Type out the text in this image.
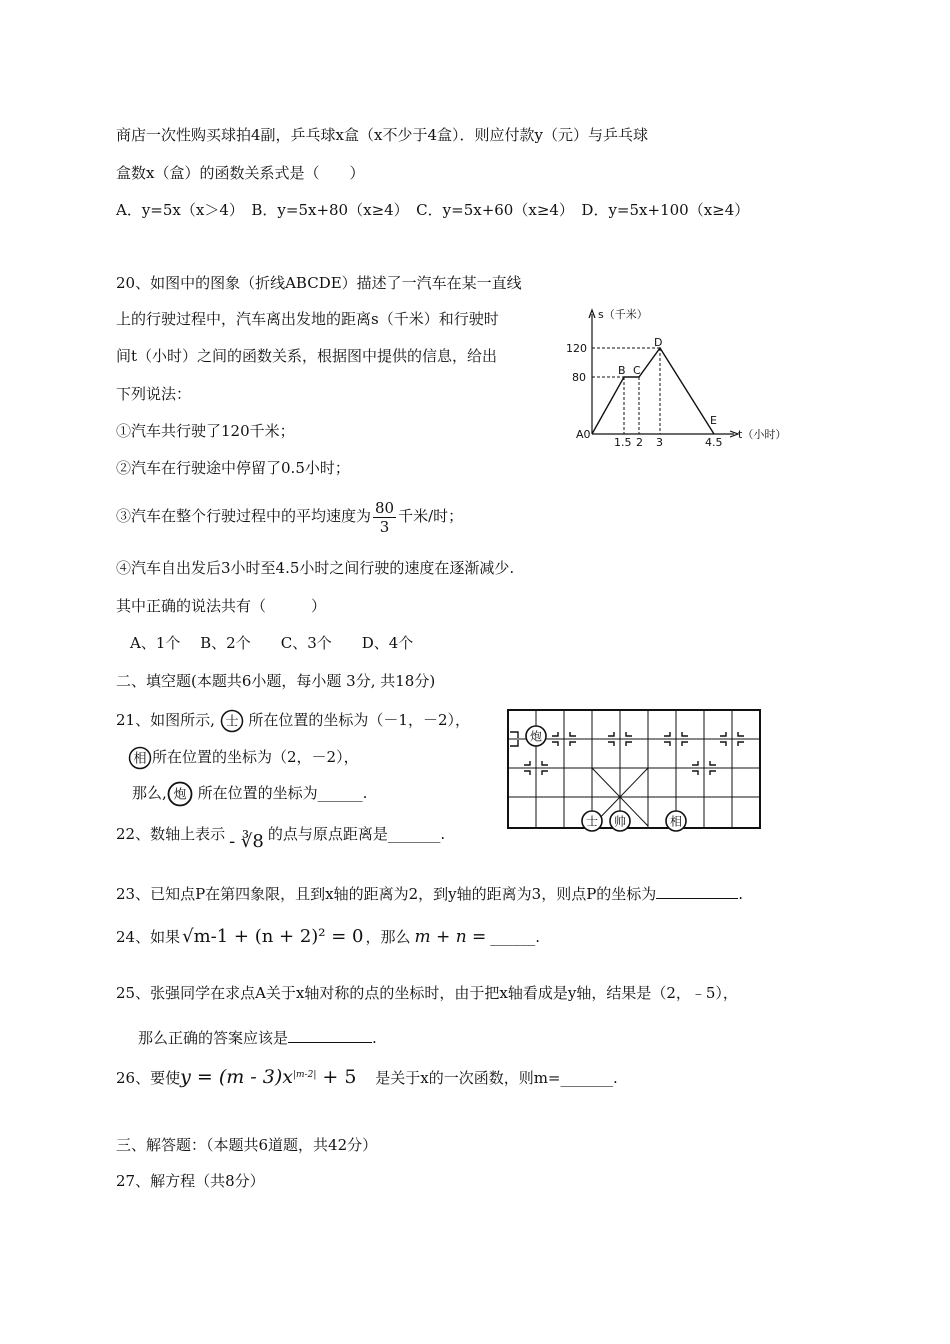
商店一次性购买球拍4副，乒乓球x盒（x不少于4盒）．则应付款y（元）与乒乓球
盒数x（盒）的函数关系式是（　　）
A．y=5x（x＞4）　B．y=5x+80（x≥4）　C．y=5x+60（x≥4）　D．y=5x+100（x≥4）
20、如图中的图象（折线ABCDE）描述了一汽车在某一直线
上的行驶过程中，汽车离出发地的距离s（千米）和行驶时
间t（小时）之间的函数关系，根据图中提供的信息，给出
下列说法：
①汽车共行驶了120千米；
②汽车在行驶途中停留了0.5小时；
③汽车在整个行驶过程中的平均速度为 $\frac{80}{3}$ 千米/时；
④汽车自出发后3小时至4.5小时之间行驶的速度在逐渐减少.
其中正确的说法共有（　　　）
A、1个　 B、2个　　C、3个　　D、4个
s（千米）
120
80
A0
1.5 2 3	4.5
t（小时）
B C
D
E
二、填空题(本题共6小题，每小题 3分, 共18分)
21、如图所示, 士 所在位置的坐标为（－1，－2），
相 所在位置的坐标为（2，－2），
那么, 炮 所在位置的坐标为______.
炮
士 帅	相
22、数轴上表示 - ∛8 的点与原点距离是_______.
23、已知点P在第四象限，且到x轴的距离为2，到y轴的距离为3，则点P的坐标为	.
24、如果 √m-1 + (n + 2)² = 0 ，那么 m + n = ______.
25、张强同学在求点A关于x轴对称的点的坐标时，由于把x轴看成是y轴，结果是（2，﹣5），
那么正确的答案应该是	.
26、要使$y = (m - 3)x^{|m-2|} + 5$ 是关于x的一次函数，则m=_______.
三、解答题：（本题共6道题，共42分）
27、解方程（共8分）
